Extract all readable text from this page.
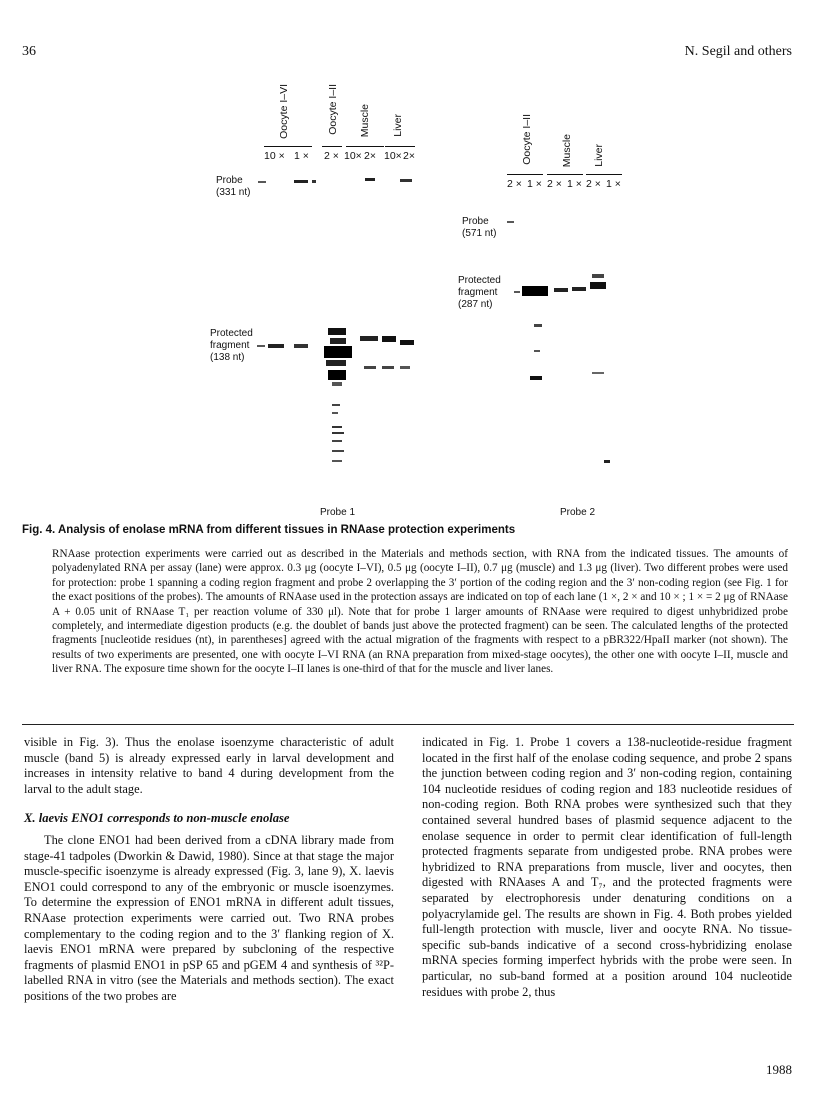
36	N. Segil and others
Oocyte I–VI	Oocyte I–II Muscle Liver
10 × 1 × 2 × 10× 2× 10× 2×
Probe
(331 nt)
Protected
fragment
(138 nt)
Probe 1
Oocyte I–II	Muscle Liver
2 × 1 × 2 × 1 × 2 × 1 ×
Probe
(571 nt)
Protected
fragment
(287 nt)
Probe 2
Fig. 4. Analysis of enolase mRNA from different tissues in RNAase protection experiments
RNAase protection experiments were carried out as described in the Materials and methods section, with RNA from the indicated tissues. The amounts of polyadenylated RNA per assay (lane) were approx. 0.3 μg (oocyte I–VI), 0.5 μg (oocyte I–II), 0.7 μg (muscle) and 1.3 μg (liver). Two different probes were used for protection: probe 1 spanning a coding region fragment and probe 2 overlapping the 3′ portion of the coding region and the 3′ non-coding region (see Fig. 1 for the exact positions of the probes). The amounts of RNAase used in the protection assays are indicated on top of each lane (1 ×, 2 × and 10 × ; 1 × = 2 μg of RNAase A + 0.05 unit of RNAase T₁ per reaction volume of 330 μl). Note that for probe 1 larger amounts of RNAase were required to digest unhybridized probe completely, and intermediate digestion products (e.g. the doublet of bands just above the protected fragment) can be seen. The calculated lengths of the protected fragments [nucleotide residues (nt), in parentheses] agreed with the actual migration of the fragments with respect to a pBR322/HpaII marker (not shown). The results of two experiments are presented, one with oocyte I–VI RNA (an RNA preparation from mixed-stage oocytes), the other one with oocyte I–II, muscle and liver RNA. The exposure time shown for the oocyte I–II lanes is one-third of that for the muscle and liver lanes.

visible in Fig. 3). Thus the enolase isoenzyme characteristic of adult muscle (band 5) is already expressed early in larval development and increases in intensity relative to band 4 during development from the larval to the adult stage.

X. laevis ENO1 corresponds to non-muscle enolase

The clone ENO1 had been derived from a cDNA library made from stage-41 tadpoles (Dworkin & Dawid, 1980). Since at that stage the major muscle-specific isoenzyme is already expressed (Fig. 3, lane 9), X. laevis ENO1 could correspond to any of the embryonic or muscle isoenzymes. To determine the expression of ENO1 mRNA in different adult tissues, RNAase protection experiments were carried out. Two RNA probes complementary to the coding region and to the 3′ flanking region of X. laevis ENO1 mRNA were prepared by subcloning of the respective fragments of plasmid ENO1 in pSP 65 and pGEM 4 and synthesis of ³²P-labelled RNA in vitro (see the Materials and methods section). The exact positions of the two probes are

indicated in Fig. 1. Probe 1 covers a 138-nucleotide-residue fragment located in the first half of the enolase coding sequence, and probe 2 spans the junction between coding region and 3′ non-coding region, containing 104 nucleotide residues of coding region and 183 nucleotide residues of non-coding region. Both RNA probes were synthesized such that they contained several hundred bases of plasmid sequence adjacent to the enolase sequence in order to permit clear identification of full-length protected fragments separate from undigested probe. RNA probes were hybridized to RNA preparations from muscle, liver and oocytes, then digested with RNAases A and T₇, and the protected fragments were separated by electrophoresis under denaturing conditions on a polyacrylamide gel. The results are shown in Fig. 4. Both probes yielded full-length protection with muscle, liver and oocyte RNA. No tissue-specific sub-bands indicative of a second cross-hybridizing enolase mRNA species forming imperfect hybrids with the probe were seen. In particular, no sub-band formed at a position around 104 nucleotide residues with probe 2, thus

1988
